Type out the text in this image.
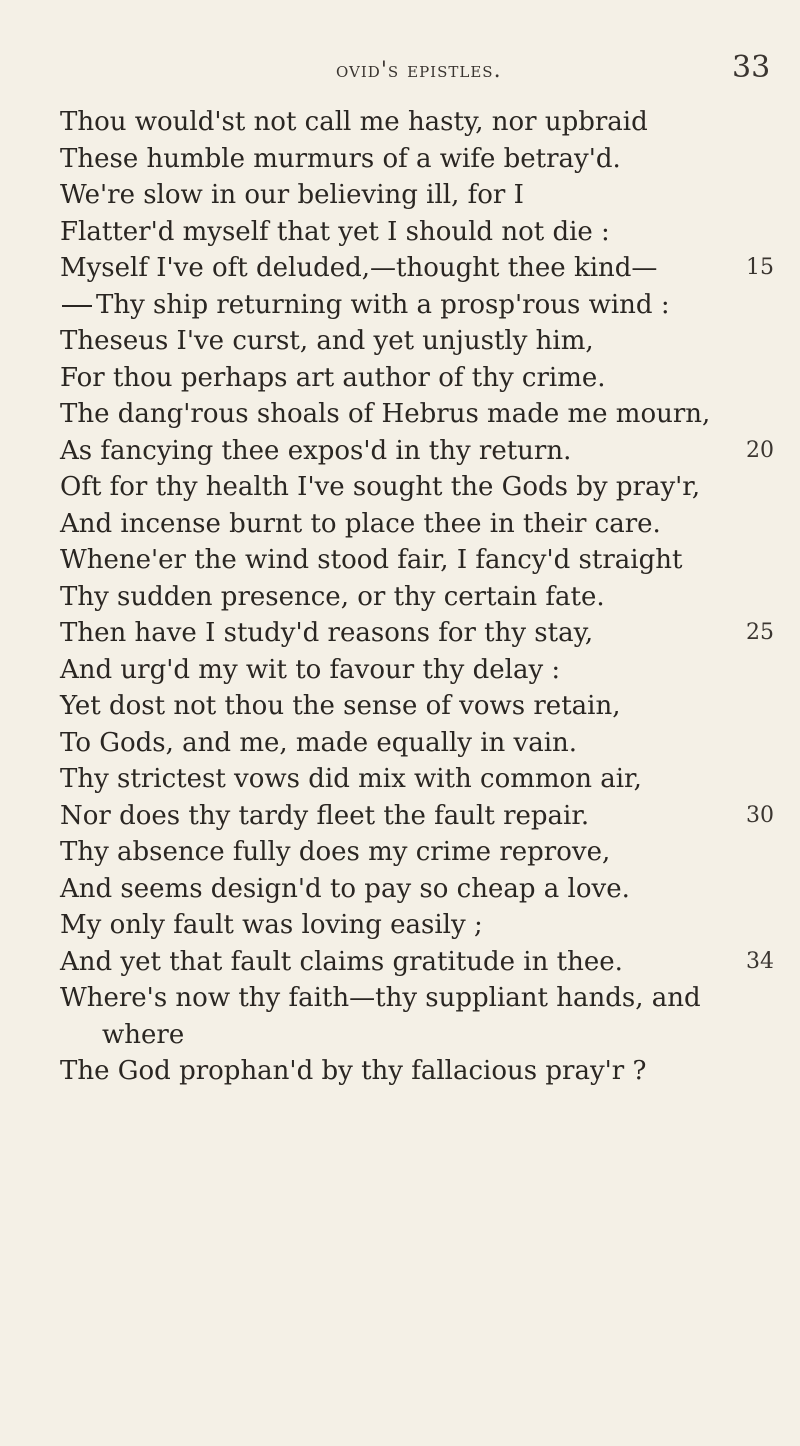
ovid's epistles.	33
Thou would'st not call me hasty, nor upbraid
These humble murmurs of a wife betray'd.
We're slow in our believing ill, for I
Flatter'd myself that yet I should not die :
Myself I've oft deluded,—thought thee kind—	15
Thy ship returning with a prosp'rous wind :
Theseus I've curst, and yet unjustly him,
For thou perhaps art author of thy crime.
The dang'rous shoals of Hebrus made me mourn,
As fancying thee expos'd in thy return.	20
Oft for thy health I've sought the Gods by pray'r,
And incense burnt to place thee in their care.
Whene'er the wind stood fair, I fancy'd straight
Thy sudden presence, or thy certain fate.
Then have I study'd reasons for thy stay,	25
And urg'd my wit to favour thy delay :
Yet dost not thou the sense of vows retain,
To Gods, and me, made equally in vain.
Thy strictest vows did mix with common air,
Nor does thy tardy fleet the fault repair.	30
Thy absence fully does my crime reprove,
And seems design'd to pay so cheap a love.
My only fault was loving easily ;
And yet that fault claims gratitude in thee.	34
Where's now thy faith—thy suppliant hands, and
where
The God prophan'd by thy fallacious pray'r ?
